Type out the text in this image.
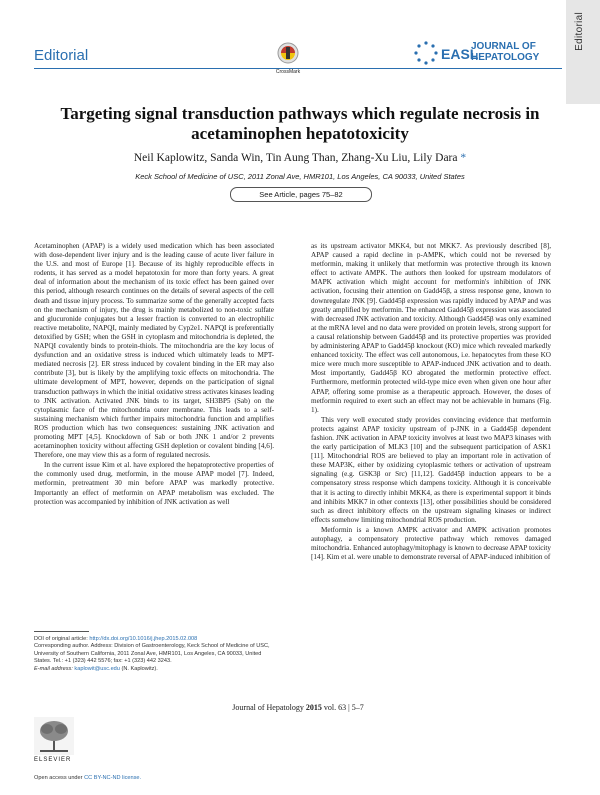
Editorial
Editorial
CrossMark
EASL
JOURNAL OF
HEPATOLOGY
Targeting signal transduction pathways which regulate necrosis in acetaminophen hepatotoxicity
Neil Kaplowitz, Sanda Win, Tin Aung Than, Zhang-Xu Liu, Lily Dara *
Keck School of Medicine of USC, 2011 Zonal Ave, HMR101, Los Angeles, CA 90033, United States
See Article, pages 75–82

Acetaminophen (APAP) is a widely used medication which has been associated with dose-dependent liver injury and is the leading cause of acute liver failure in the U.S. and most of Europe [1]. Because of its highly reproducible effects in rodents, it has served as a model hepatotoxin for more than forty years. A great deal of information about the mechanism of its toxic effect has been gained over this period, although research continues on the details of several aspects of the cell death and tissue injury process. To summarize some of the generally accepted facts on the mechanism of injury, the drug is mainly metabolized to non-toxic sulfate and glucuronide conjugates but a lesser fraction is converted to an electrophilic reactive metabolite, NAPQI, mainly mediated by Cyp2e1. NAPQI is preferentially detoxified by GSH; when the GSH in cytoplasm and mitochondria is depleted, the NAPQI covalently binds to protein-thiols. The mitochondria are the key locus of dysfunction and an oxidative stress is induced which ultimately leads to MPT-mediated necrosis [2]. ER stress induced by covalent binding in the ER may also contribute [3], but is likely by the amplifying toxic effects on mitochondria. The ultimate development of MPT, however, depends on the participation of signal transduction pathways in which the initial oxidative stress activates kinases leading to JNK activation. Activated JNK binds to its target, SH3BP5 (Sab) on the cytoplasmic face of the mitochondria outer membrane. This leads to a self-sustaining mechanism which further impairs mitochondria function and amplifies ROS production which has two consequences: sustaining JNK activation and promoting MPT [4,5]. Knockdown of Sab or both JNK 1 and/or 2 prevents acetaminophen toxicity without affecting GSH depletion or covalent binding [4,6]. Therefore, one may view this as a form of regulated necrosis.

In the current issue Kim et al. have explored the hepatoprotective properties of the commonly used drug, metformin, in the mouse APAP model [7]. Indeed, metformin, pretreatment 30 min before APAP was markedly protective. Importantly an effect of metformin on APAP metabolism was excluded. The protection was accompanied by inhibition of JNK activation as well

as its upstream activator MKK4, but not MKK7. As previously described [8], APAP caused a rapid decline in p-AMPK, which could not be reversed by metformin, making it unlikely that metformin was protective through its known effect to activate AMPK. The authors then looked for upstream modulators of MAPK activation which might account for metformin's inhibition of JNK activation, focusing their attention on Gadd45β, a stress response gene, known to downregulate JNK [9]. Gadd45β expression was rapidly induced by APAP and was greatly amplified by metformin. The enhanced Gadd45β expression was associated with decreased JNK activation and toxicity. Although Gadd45β was only examined at the mRNA level and no data were provided on protein levels, strong support for a causal relationship between Gadd45β and its protective properties was provided by administering APAP to Gadd45β knockout (KO) mice which revealed markedly enhanced toxicity. The effect was cell autonomous, i.e. hepatocytes from these KO mice were much more susceptible to APAP-induced JNK activation and to death. Most importantly, Gadd45β KO abrogated the metformin protective effect. Furthermore, metformin protected wild-type mice even when given one hour after APAP, offering some promise as a therapeutic approach. However, the doses of metformin required to exert such an effect may not be achievable in humans (Fig. 1).

This very well executed study provides convincing evidence that metformin protects against APAP toxicity upstream of p-JNK in a Gadd45β dependent fashion. JNK activation in APAP toxicity involves at least two MAP3 kinases with the early participation of MLK3 [10] and the subsequent participation of ASK1 [11]. Mitochondrial ROS are believed to play an important role in activation of these MAP3K, either by oxidizing cytoplasmic tethers or activation of upstream signaling (e.g. GSK3β or Src) [11,12]. Gadd45β induction appears to be a compensatory stress response which dampens toxicity. Although it is conceivable that it is acting to directly inhibit MKK4, as there is experimental support it binds and inhibits MKK7 in other contexts [13], other possibilities should be considered such as direct inhibitory effects on the upstream signaling kinases or indirect effects somehow limiting mitochondrial ROS production.

Metformin is a known AMPK activator and AMPK activation promotes autophagy, a compensatory protective pathway which removes damaged mitochondria. Enhanced autophagy/mitophagy is known to decrease APAP toxicity [14]. Kim et al. were unable to demonstrate reversal of APAP-induced inhibition of

DOI of original article: http://dx.doi.org/10.1016/j.jhep.2015.02.008
Corresponding author. Address: Division of Gastroenterology, Keck School of Medicine of USC, University of Southern California, 2011 Zonal Ave, HMR101, Los Angeles, CA 90033, United States. Tel.: +1 (323) 442 5576; fax: +1 (323) 442 3243.
E-mail address: kaplowit@usc.edu (N. Kaplowitz).
Journal of Hepatology 2015 vol. 63 | 5–7
ELSEVIER
Open access under CC BY-NC-ND license.
